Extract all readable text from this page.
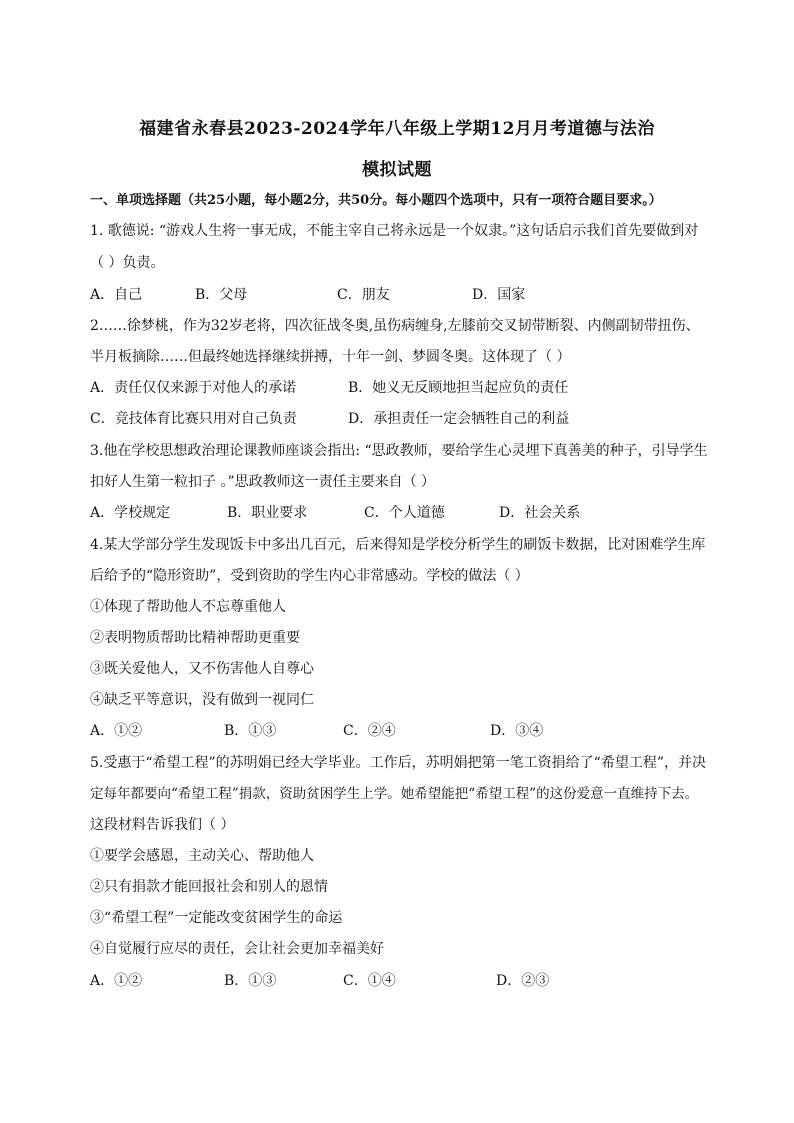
福建省永春县2023-2024学年八年级上学期12月月考道德与法治
模拟试题
一、单项选择题（共25小题，每小题2分，共50分。每小题四个选项中，只有一项符合题目要求。）
1. 歌德说: “游戏人生将一事无成，不能主宰自己将永远是一个奴隶。”这句话启示我们首先要做到对
（ ）负责。
A．自己	B．父母	C．朋友	D．国家
2……徐梦桃，作为32岁老将，四次征战冬奥,虽伤病缠身,左膝前交叉韧带断裂、内侧副韧带扭伤、
半月板摘除……但最终她选择继续拼搏，十年一剑、梦圆冬奥。这体现了（ ）
A．责任仅仅来源于对他人的承诺	B．她义无反顾地担当起应负的责任
C．竞技体育比赛只用对自己负责	D．承担责任一定会牺牲自己的利益
3.他在学校思想政治理论课教师座谈会指出: “思政教师，要给学生心灵埋下真善美的种子，引导学生
扣好人生第一粒扣子 。”思政教师这一责任主要来自（ ）
A．学校规定	B．职业要求	C．个人道德	D．社会关系
4.某大学部分学生发现饭卡中多出几百元，后来得知是学校分析学生的刷饭卡数据，比对困难学生库
后给予的“隐形资助”，受到资助的学生内心非常感动。学校的做法（ ）
①体现了帮助他人不忘尊重他人
②表明物质帮助比精神帮助更重要
③既关爱他人，又不伤害他人自尊心
④缺乏平等意识，没有做到一视同仁
A．①②	B．①③	C．②④	D．③④
5.受惠于“希望工程”的苏明娟已经大学毕业。工作后，苏明娟把第一笔工资捐给了“希望工程”，并决
定每年都要向“希望工程”捐款，资助贫困学生上学。她希望能把“希望工程”的这份爱意一直维持下去。
这段材料告诉我们（ ）
①要学会感恩，主动关心、帮助他人
②只有捐款才能回报社会和别人的恩情
③“希望工程”一定能改变贫困学生的命运
④自觉履行应尽的责任，会让社会更加幸福美好
A．①②	B．①③	C．①④	D．②③
